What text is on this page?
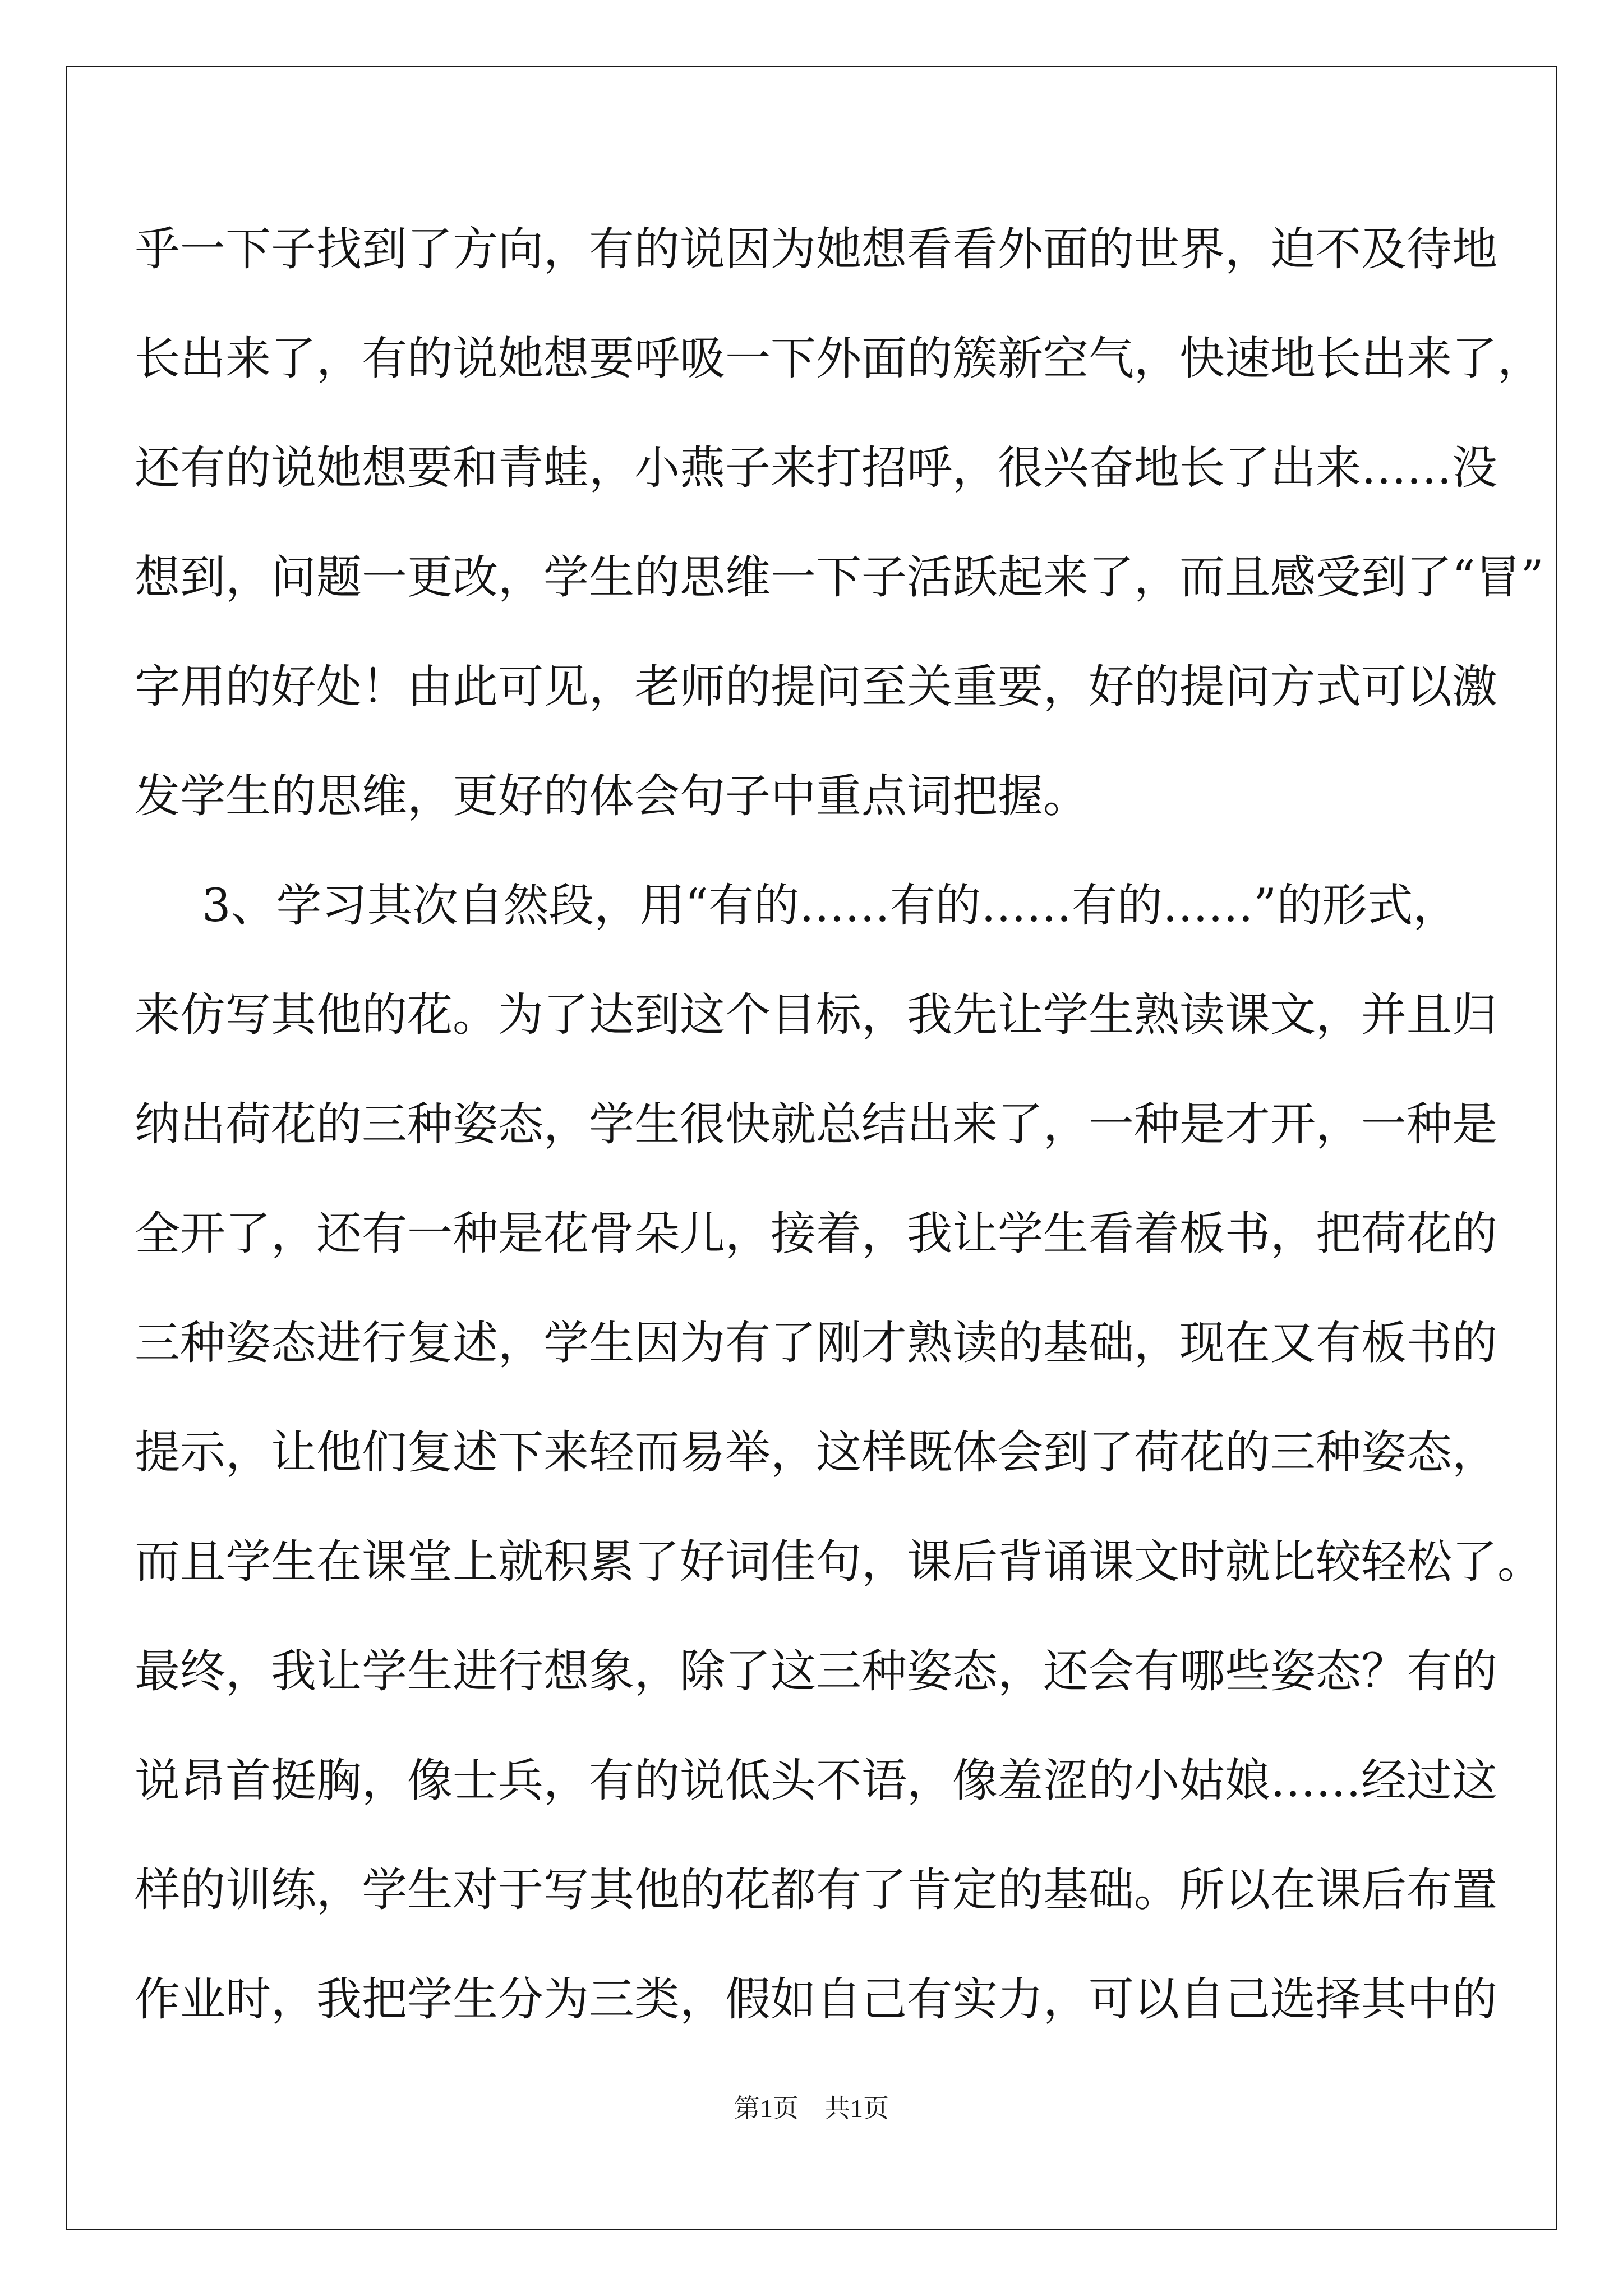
乎一下子找到了方向，有的说因为她想看看外面的世界，迫不及待地
长出来了，有的说她想要呼吸一下外面的簇新空气，快速地长出来了，
还有的说她想要和青蛙，小燕子来打招呼，很兴奋地长了出来……没
想到，问题一更改，学生的思维一下子活跃起来了，而且感受到了“冒”
字用的好处！由此可见，老师的提问至关重要，好的提问方式可以激
发学生的思维，更好的体会句子中重点词把握。
3、学习其次自然段，用“有的……有的……有的……”的形式，
来仿写其他的花。为了达到这个目标，我先让学生熟读课文，并且归
纳出荷花的三种姿态，学生很快就总结出来了，一种是才开，一种是
全开了，还有一种是花骨朵儿，接着，我让学生看着板书，把荷花的
三种姿态进行复述，学生因为有了刚才熟读的基础，现在又有板书的
提示，让他们复述下来轻而易举，这样既体会到了荷花的三种姿态，
而且学生在课堂上就积累了好词佳句，课后背诵课文时就比较轻松了。
最终，我让学生进行想象，除了这三种姿态，还会有哪些姿态？有的
说昂首挺胸，像士兵，有的说低头不语，像羞涩的小姑娘……经过这
样的训练，学生对于写其他的花都有了肯定的基础。所以在课后布置
作业时，我把学生分为三类，假如自己有实力，可以自己选择其中的
第1页　共1页
